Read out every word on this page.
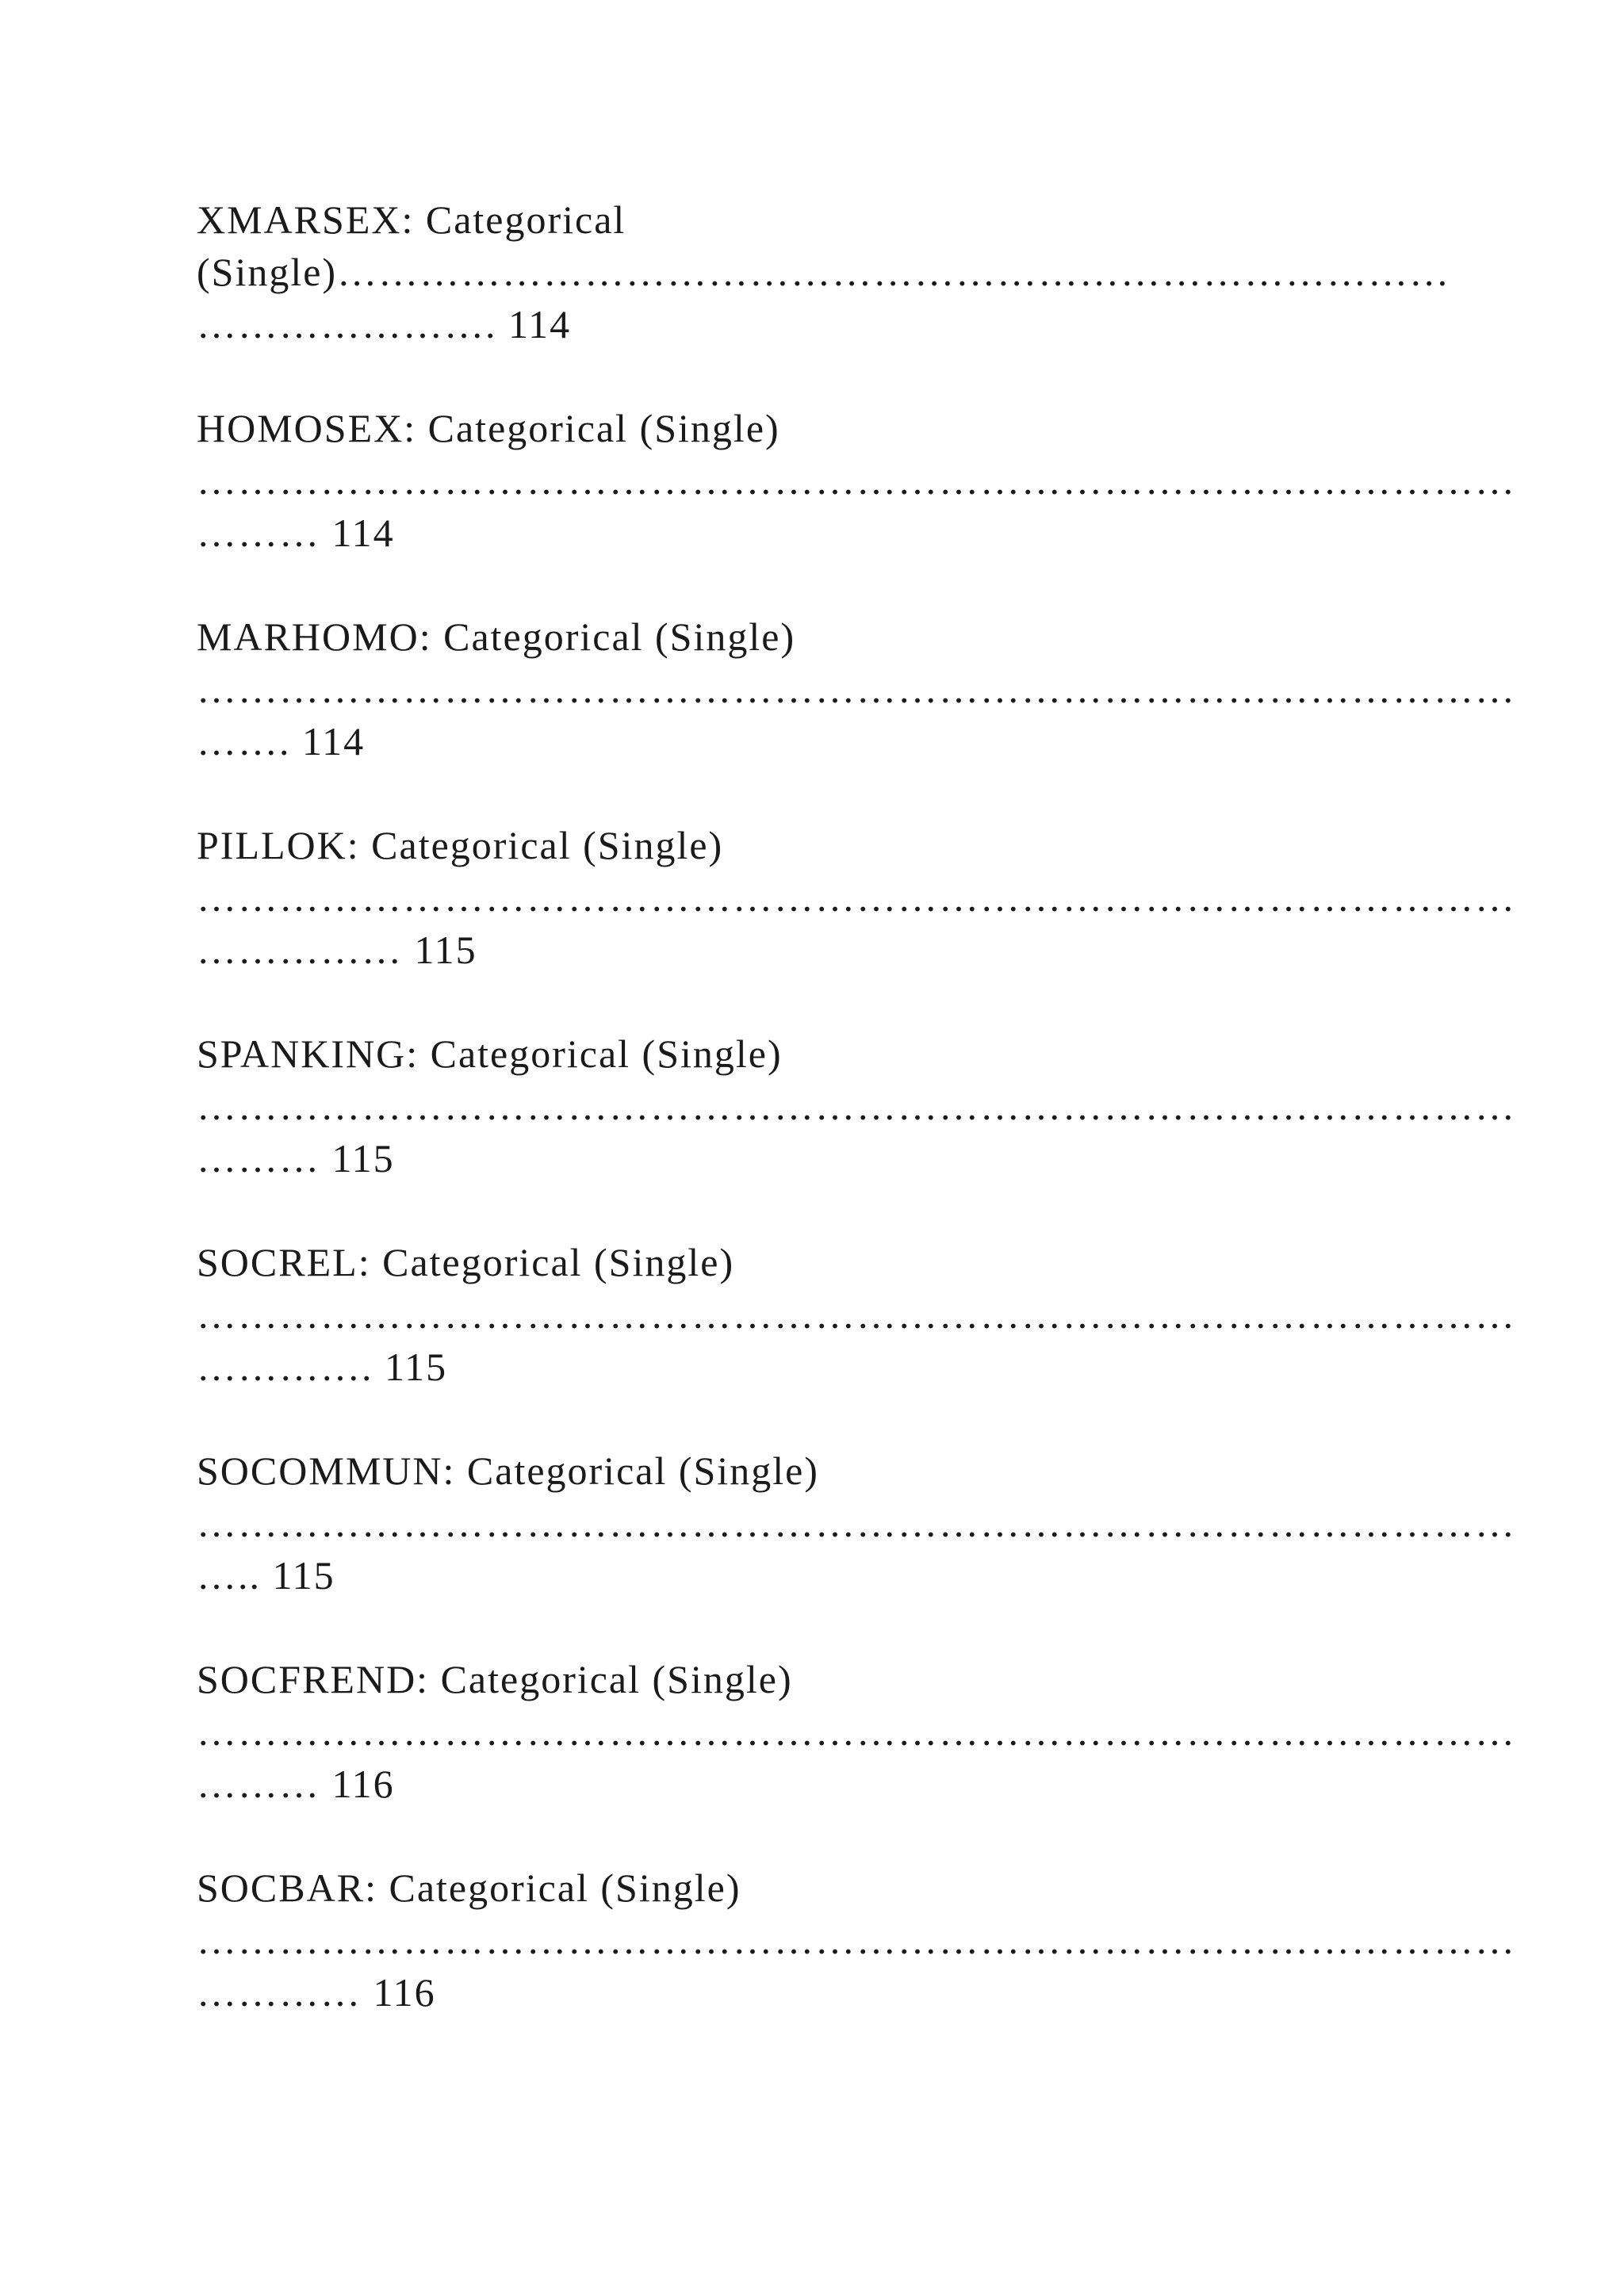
XMARSEX: Categorical
(Single)………………………………………………………………………
…………………. 114
HOMOSEX: Categorical (Single)
……………………………………………………………………………………
……… 114
MARHOMO: Categorical (Single)
……………………………………………………………………………………
……. 114
PILLOK: Categorical (Single)
……………………………………………………………………………………
…………… 115
SPANKING: Categorical (Single)
……………………………………………………………………………………
……… 115
SOCREL: Categorical (Single)
……………………………………………………………………………………
…………. 115
SOCOMMUN: Categorical (Single)
……………………………………………………………………………………
….. 115
SOCFREND: Categorical (Single)
……………………………………………………………………………………
……… 116
SOCBAR: Categorical (Single)
……………………………………………………………………………………
………… 116
